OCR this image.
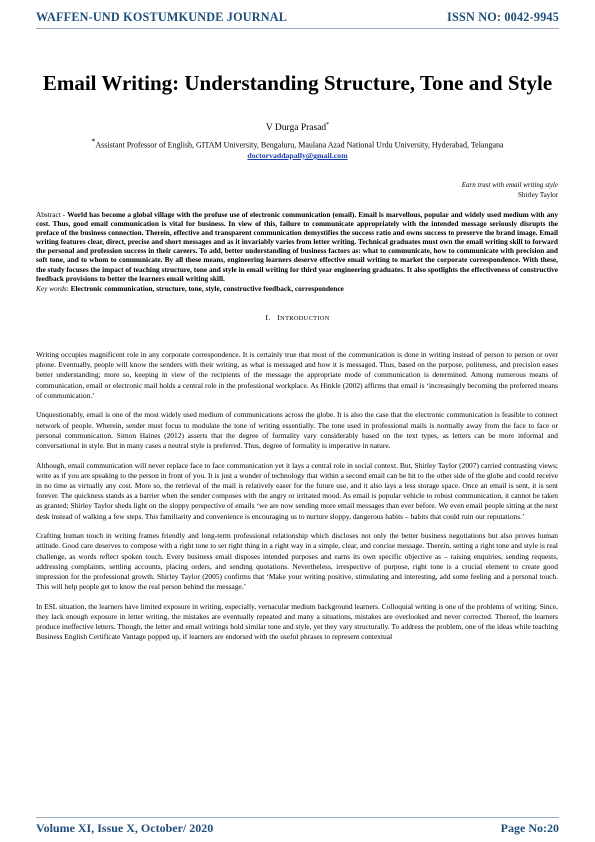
WAFFEN-UND KOSTUMKUNDE JOURNAL	ISSN NO: 0042-9945
Email Writing: Understanding Structure, Tone and Style
V Durga Prasad*
*Assistant Professor of English, GITAM University, Bengaluru, Maulana Azad National Urdu University, Hyderabad, Telangana
doctorvaddapally@gmail.com
Earn trust with email writing style
Shirley Taylor
Abstract - World has become a global village with the profuse use of electronic communication (email). Email is marvellous, popular and widely used medium with any cost. Thus, good email communication is vital for business. In view of this, failure to communicate appropriately with the intended message seriously disrupts the preface of the business connection. Therein, effective and transparent communication demystifies the success ratio and owns success to preserve the brand image. Email writing features clear, direct, precise and short messages and as it invariably varies from letter writing. Technical graduates must own the email writing skill to forward the personal and profession success in their careers. To add, better understanding of business factors as: what to communicate, how to communicate with precision and soft tone, and to whom to communicate. By all these means, engineering learners deserve effective email writing to market the corporate correspondence. With these, the study focuses the impact of teaching structure, tone and style in email writing for third year engineering graduates. It also spotlights the effectiveness of constructive feedback provisions to better the learners email writing skill.
Key words: Electronic communication, structure, tone, style, constructive feedback, correspondence
I. INTRODUCTION

Writing occupies magnificent role in any corporate correspondence. It is certainly true that most of the communication is done in writing instead of person to person or over phone. Eventually, people will know the senders with their writing, as what is messaged and how it is messaged. Thus, based on the purpose, politeness, and precision eases better understanding; more so, keeping in view of the recipients of the message the appropriate mode of communication is determined. Among numerous means of communication, email or electronic mail holds a central role in the professional workplace. As Hinkle (2002) affirms that email is ‘increasingly becoming the preferred means of communication.’

Unquestionably, email is one of the most widely used medium of communications across the globe. It is also the case that the electronic communication is feasible to connect network of people. Wherein, sender must focus to modulate the tone of writing essentially. The tone used in professional mails is normally away from the face to face or personal communication. Simon Haines (2012) asserts that the degree of formality vary considerably based on the text types, as letters can be more informal and conversational in style. But in many cases a neutral style is preferred. Thus, degree of formality is imperative in nature.

Although, email communication will never replace face to face communication yet it lays a central role in social context. But, Shirley Taylor (2007) carried contrasting views; write as if you are speaking to the person in front of you. It is just a wonder of technology that within a second email can be hit to the other side of the globe and could receive in no time as virtually any cost. More so, the retrieval of the mail is relatively easer for the future use, and it also lays a less storage space. Once an email is sent, it is sent forever. The quickness stands as a barrier when the sender composes with the angry or irritated mood. As email is popular vehicle to robust communication, it cannot be taken as granted; Shirley Taylor sheds light on the sloppy perspective of emails ‘we are now sending more email messages than ever before. We even email people sitting at the next desk instead of walking a few steps. This familiarity and convenience is encouraging us to nurture sloppy, dangerous habits – habits that could ruin our reputations.’

Crafting human touch in writing frames friendly and long-term professional relationship which discloses not only the better business negotiations but also proves human attitude. Good care deserves to compose with a right tone to set right thing in a right way in a simple, clear, and concise message. Therein, setting a right tone and style is real challenge, as words reflect spoken touch. Every business email disposes intended purposes and earns its own specific objective as – raising enquiries, sending requests, addressing complaints, settling accounts, placing orders, and sending quotations. Nevertheless, irrespective of purpose, right tone is a crucial element to create good impression for the professional growth. Shirley Taylor (2005) confirms that ‘Make your writing positive, stimulating and interesting, add some feeling and a personal touch. This will help people get to know the real person behind the message.’

In ESL situation, the learners have limited exposure in writing, especially, vernacular medium background learners. Colloquial writing is one of the problems of writing. Since, they lack enough exposure in letter writing, the mistakes are eventually repeated and many a situations, mistakes are overlooked and never corrected. Thereof, the learners produce ineffective letters. Though, the letter and email writings hold similar tone and style, yet they vary structurally. To address the problem, one of the ideas while teaching Business English Certificate Vantage popped up, if learners are endorsed with the useful phrases to represent contextual

Volume XI, Issue X, October/ 2020	Page No:20
